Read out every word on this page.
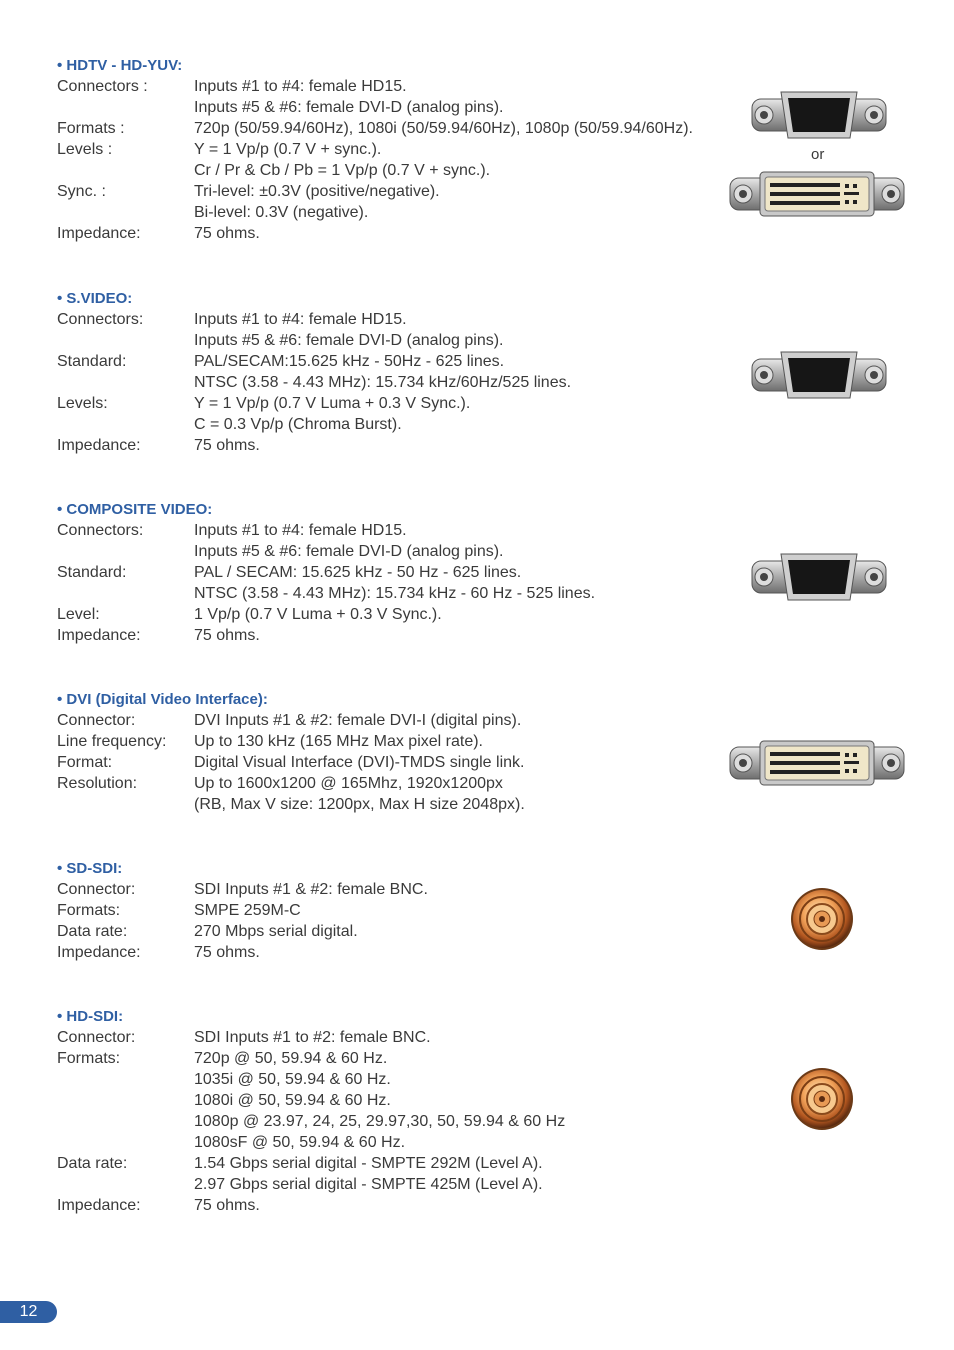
• HDTV - HD-YUV:
Connectors :	Inputs #1 to #4: female HD15.
Inputs #5 & #6: female DVI-D (analog pins).
Formats :	720p (50/59.94/60Hz), 1080i (50/59.94/60Hz), 1080p (50/59.94/60Hz).
Levels :	Y = 1 Vp/p (0.7 V + sync.).
Cr / Pr & Cb / Pb = 1 Vp/p (0.7 V + sync.).
Sync. :	Tri-level: ±0.3V (positive/negative).
Bi-level: 0.3V (negative).
Impedance:	75 ohms.
• S.VIDEO:
Connectors:	Inputs #1 to #4: female HD15.
Inputs #5 & #6: female DVI-D (analog pins).
Standard:	PAL/SECAM:15.625 kHz - 50Hz - 625 lines.
NTSC (3.58 - 4.43 MHz): 15.734 kHz/60Hz/525 lines.
Levels:	Y = 1 Vp/p (0.7 V Luma + 0.3 V Sync.).
C = 0.3 Vp/p (Chroma Burst).
Impedance:	75 ohms.
• COMPOSITE VIDEO:
Connectors:	Inputs #1 to #4: female HD15.
Inputs #5 & #6: female DVI-D (analog pins).
Standard:	PAL / SECAM: 15.625 kHz - 50 Hz - 625 lines.
NTSC (3.58 - 4.43 MHz): 15.734 kHz - 60 Hz - 525 lines.
Level:	1 Vp/p (0.7 V Luma + 0.3 V Sync.).
Impedance:	75 ohms.
• DVI (Digital Video Interface):
Connector:	DVI Inputs #1 & #2: female DVI-I (digital pins).
Line frequency:	Up to 130 kHz (165 MHz Max pixel rate).
Format:	Digital Visual Interface (DVI)-TMDS single link.
Resolution:	Up to 1600x1200 @ 165Mhz, 1920x1200px
(RB, Max V size: 1200px, Max H size 2048px).
• SD-SDI:
Connector:	SDI Inputs #1 & #2: female BNC.
Formats:	SMPE 259M-C
Data rate:	270 Mbps serial digital.
Impedance:	75 ohms.
• HD-SDI:
Connector:	SDI Inputs #1 to #2: female BNC.
Formats:	720p @ 50, 59.94 & 60 Hz.
1035i @ 50, 59.94 & 60 Hz.
1080i @ 50, 59.94 & 60 Hz.
1080p @ 23.97, 24, 25, 29.97,30, 50, 59.94 & 60 Hz
1080sF @ 50, 59.94 & 60 Hz.
Data rate:	1.54 Gbps serial digital - SMPTE 292M (Level A).
2.97 Gbps serial digital - SMPTE 425M (Level A).
Impedance:	75 ohms.
or
12
